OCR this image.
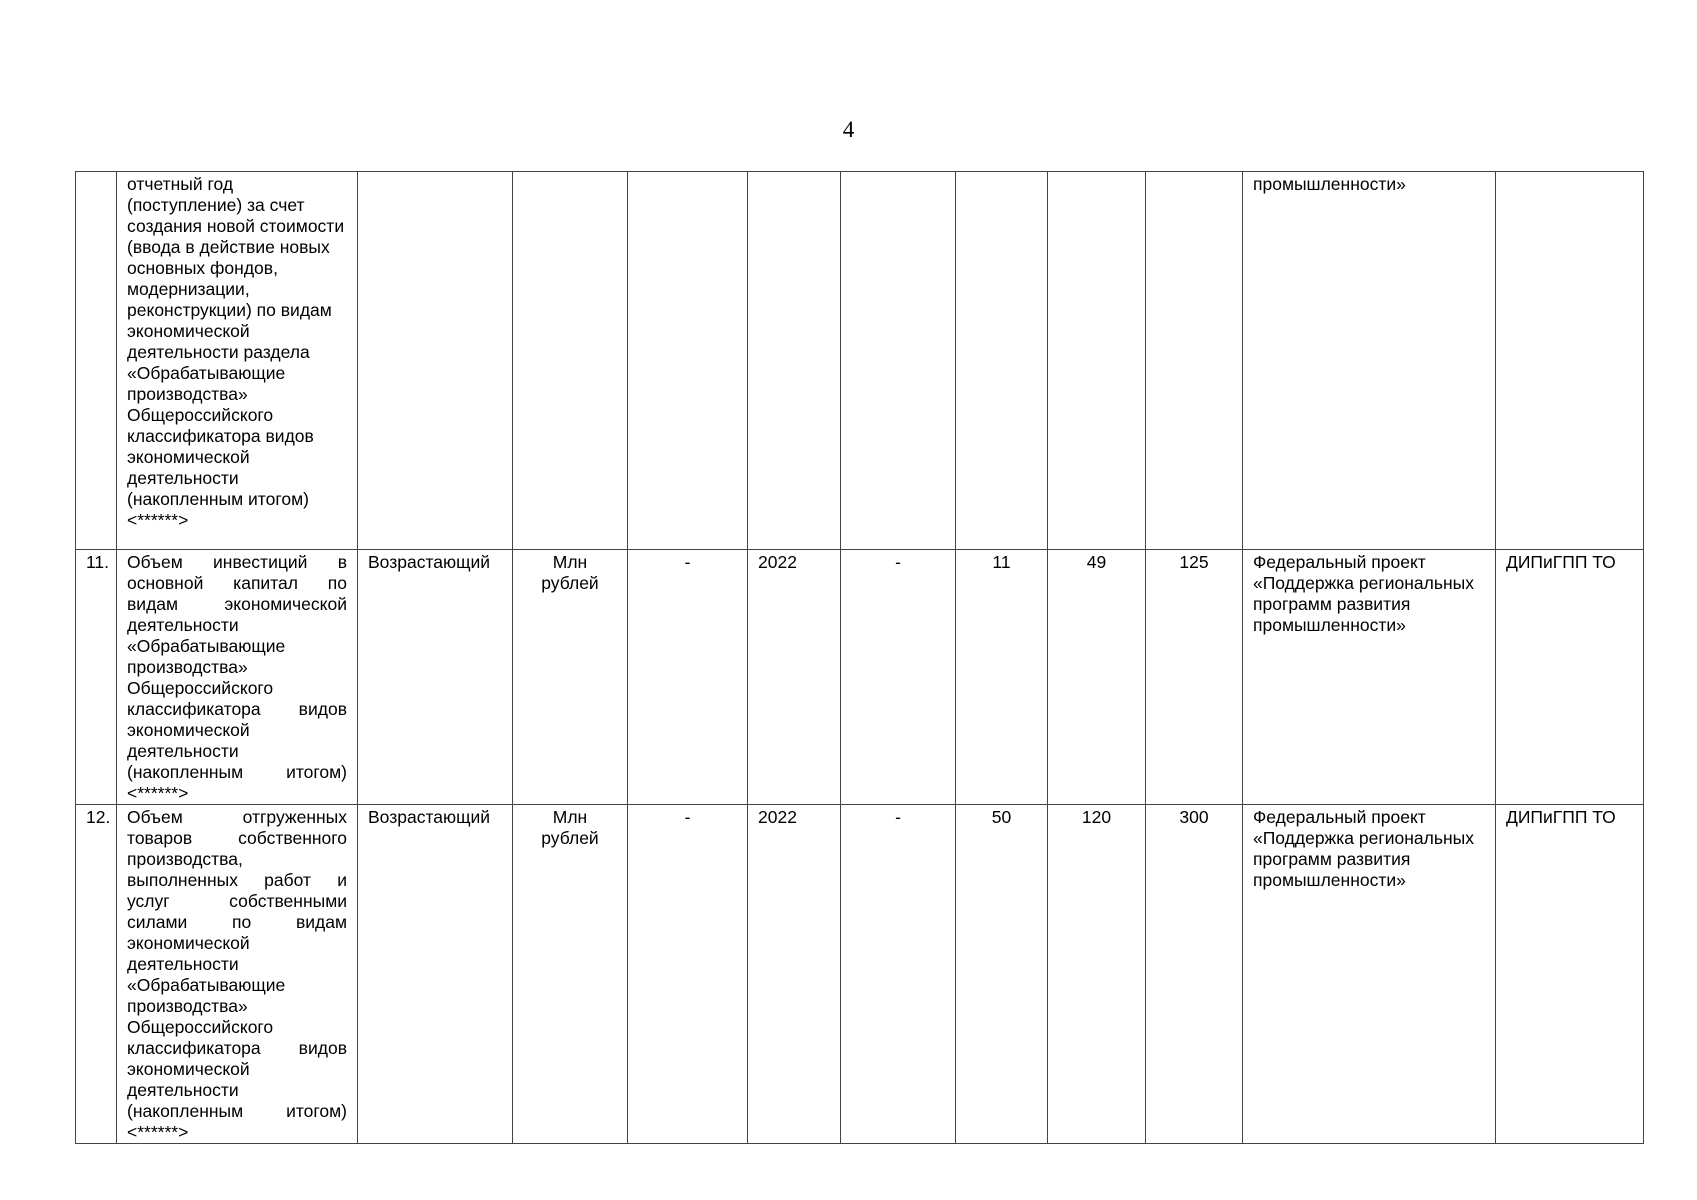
4
	отчетный год (поступление) за счет создания новой стоимости (ввода в действие новых основных фондов, модернизации, реконструкции) по видам экономической деятельности раздела «Обрабатывающие производства» Общероссийского классификатора видов экономической деятельности (накопленным итогом) <******>									промышленности»	
11.	Объем инвестиций в основной капитал по видам экономической деятельности «Обрабатывающие производства» Общероссийского классификатора видов экономической деятельности (накопленным итогом) <******>	Возрастающий	Млн рублей	-	2022	-	11	49	125	Федеральный проект «Поддержка региональных программ развития промышленности»	ДИПиГПП ТО
12.	Объем отгруженных товаров собственного производства, выполненных работ и услуг собственными силами по видам экономической деятельности «Обрабатывающие производства» Общероссийского классификатора видов экономической деятельности (накопленным итогом) <******>	Возрастающий	Млн рублей	-	2022	-	50	120	300	Федеральный проект «Поддержка региональных программ развития промышленности»	ДИПиГПП ТО
